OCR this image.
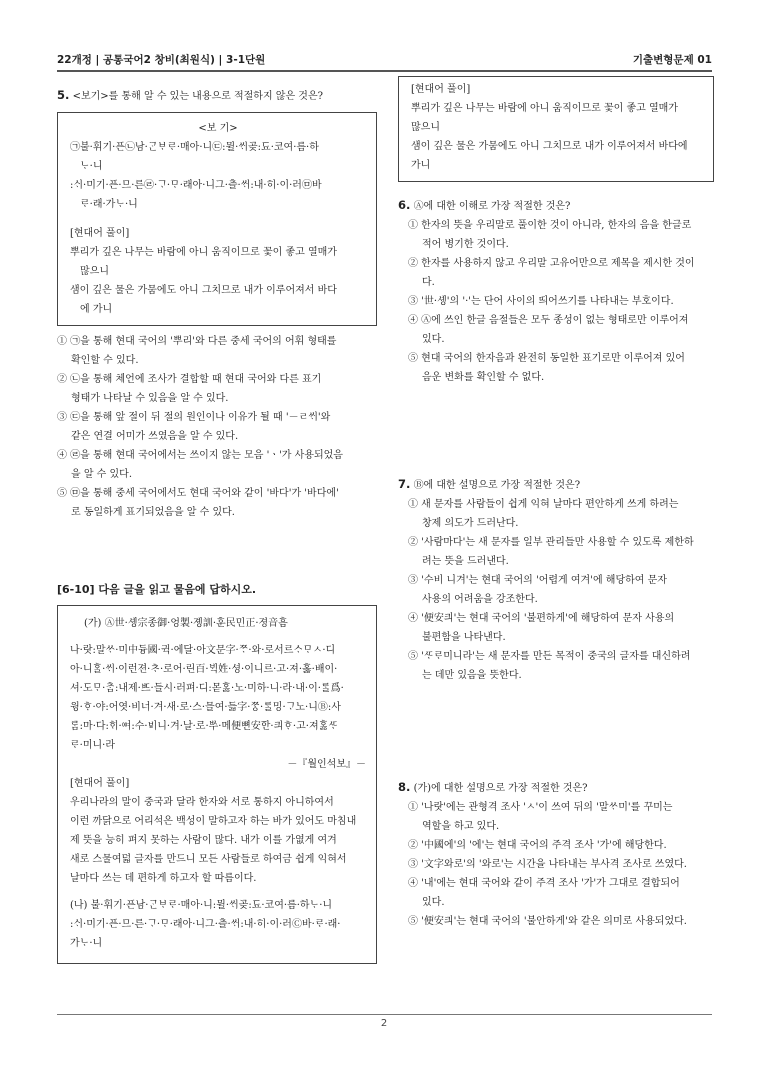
22개정 | 공통국어2 창비(최원식) | 3-1단원	기출변형문제 01
5. <보기>를 통해 알 수 있는 내용으로 적절하지 않은 것은?
<보 기>
㉠불·휘기·픈㉡남·ᄀᆞᆫᄇᆞᄅᆞ·매아·니㉢:뮐·ᄊᆡ곶:됴·코여·름·하
ᄂᆞ·니
:ᄉᆡ·미기·픈·므·른㉣·ᄀᆞ·ᄆᆞ·래아·니그·츨·ᄊᆡ:내·히·이·러㉤바
ᄅᆞ·래·가ᄂᆞ·니
[현대어 풀이]
뿌리가 깊은 나무는 바람에 아니 움직이므로 꽃이 좋고 열매가
많으니
샘이 깊은 물은 가뭄에도 아니 그치므로 내가 이루어져서 바다
에 가니
① ㉠을 통해 현대 국어의 '뿌리'와 다른 중세 국어의 어휘 형태를
확인할 수 있다.
② ㉡을 통해 체언에 조사가 결합할 때 현대 국어와 다른 표기
형태가 나타날 수 있음을 알 수 있다.
③ ㉢을 통해 앞 절이 뒤 절의 원인이나 이유가 될 때 '－ㄹᄊᆡ'와
같은 연결 어미가 쓰였음을 알 수 있다.
④ ㉣을 통해 현대 국어에서는 쓰이지 않는 모음 'ㆍ'가 사용되었음
을 알 수 있다.
⑤ ㉤을 통해 중세 국어에서도 현대 국어와 같이 '바다'가 '바다에'
로 동일하게 표기되었음을 알 수 있다.
[6-10] 다음 글을 읽고 물음에 답하시오.
(가) Ⓐ世·솅宗종御·엉製·졩訓·훈民민正·졍音흠
나·랏:말ᄊᆞ·미中듕國·귁·에달·아文문字·ᄍᆞ·와·로서르ᄉᆞᄆᆞㅅ·디
아·니ᄒᆞᆯ·ᄊᆡ·이런젼·ᄎᆞ·로어·린百·ᄇᆡᆨ姓·셩·이니르·고·져·홇·배이·
셔·도ᄆᆞ·ᄎᆞᆷ:내제·ᄠᅳ·들시·러펴·디:몯ᄒᆞᇙ·노·미하·니·라·내·이·ᄅᆞᆯ爲·
윙·ᄒᆞ·야:어엿·비너·겨·새·로·스·믈여·듧字·ᄍᆞᆼ·ᄅᆞᆯ밍·ᄀᆞ노·니Ⓑ:사
ᄅᆞᆷ:마·다:ᄒᆡ·ᅇᅧ:수·ᄫᅵ니·겨·날·로·ᄡᅮ·메便뼌安ᅙᅡᆫ·킈ᄒᆞ·고·져ᄒᆞᇙᄯᆞ
ᄅᆞ·미니·라
－『월인석보』－
[현대어 풀이]
우리나라의 말이 중국과 달라 한자와 서로 통하지 아니하여서
이런 까닭으로 어리석은 백성이 말하고자 하는 바가 있어도 마침내
제 뜻을 능히 펴지 못하는 사람이 많다. 내가 이를 가엾게 여겨
새로 스물여덟 글자를 만드니 모든 사람들로 하여금 쉽게 익혀서
날마다 쓰는 데 편하게 하고자 할 따름이다.
(나) 불·휘기·픈남·ᄀᆞᆫᄇᆞᄅᆞ·매아·니:뮐·ᄊᆡ곶:됴·코여·름·하ᄂᆞ·니
:ᄉᆡ·미기·픈·므·른·ᄀᆞ·ᄆᆞ·래아·니그·츨·ᄊᆡ:내·히·이·러Ⓒ바·ᄅᆞ·래·
가ᄂᆞ·니
[현대어 풀이]
뿌리가 깊은 나무는 바람에 아니 움직이므로 꽃이 좋고 열매가
많으니
샘이 깊은 물은 가뭄에도 아니 그치므로 내가 이루어져서 바다에
가니
6. Ⓐ에 대한 이해로 가장 적절한 것은?
① 한자의 뜻을 우리말로 풀이한 것이 아니라, 한자의 음을 한글로
적어 병기한 것이다.
② 한자를 사용하지 않고 우리말 고유어만으로 제목을 제시한 것이
다.
③ '世·솅'의 '·'는 단어 사이의 띄어쓰기를 나타내는 부호이다.
④ Ⓐ에 쓰인 한글 음절들은 모두 종성이 없는 형태로만 이루어져
있다.
⑤ 현대 국어의 한자음과 완전히 동일한 표기로만 이루어져 있어
음운 변화를 확인할 수 없다.
7. Ⓑ에 대한 설명으로 가장 적절한 것은?
① 새 문자를 사람들이 쉽게 익혀 날마다 편안하게 쓰게 하려는
창제 의도가 드러난다.
② '사람마다'는 새 문자를 일부 관리들만 사용할 수 있도록 제한하
려는 뜻을 드러낸다.
③ '수비 니겨'는 현대 국어의 '어렵게 여겨'에 해당하여 문자
사용의 어려움을 강조한다.
④ '便安킈'는 현대 국어의 '불편하게'에 해당하여 문자 사용의
불편함을 나타낸다.
⑤ 'ᄯᆞᄅᆞ미니라'는 새 문자를 만든 목적이 중국의 글자를 대신하려
는 데만 있음을 뜻한다.
8. (가)에 대한 설명으로 가장 적절한 것은?
① '나랏'에는 관형격 조사 'ㅅ'이 쓰여 뒤의 '말ᄊᆞ미'를 꾸미는
역할을 하고 있다.
② '中國에'의 '에'는 현대 국어의 주격 조사 '가'에 해당한다.
③ '文字와로'의 '와로'는 시간을 나타내는 부사격 조사로 쓰였다.
④ '내'에는 현대 국어와 같이 주격 조사 '가'가 그대로 결합되어
있다.
⑤ '便安킈'는 현대 국어의 '불안하게'와 같은 의미로 사용되었다.
2
